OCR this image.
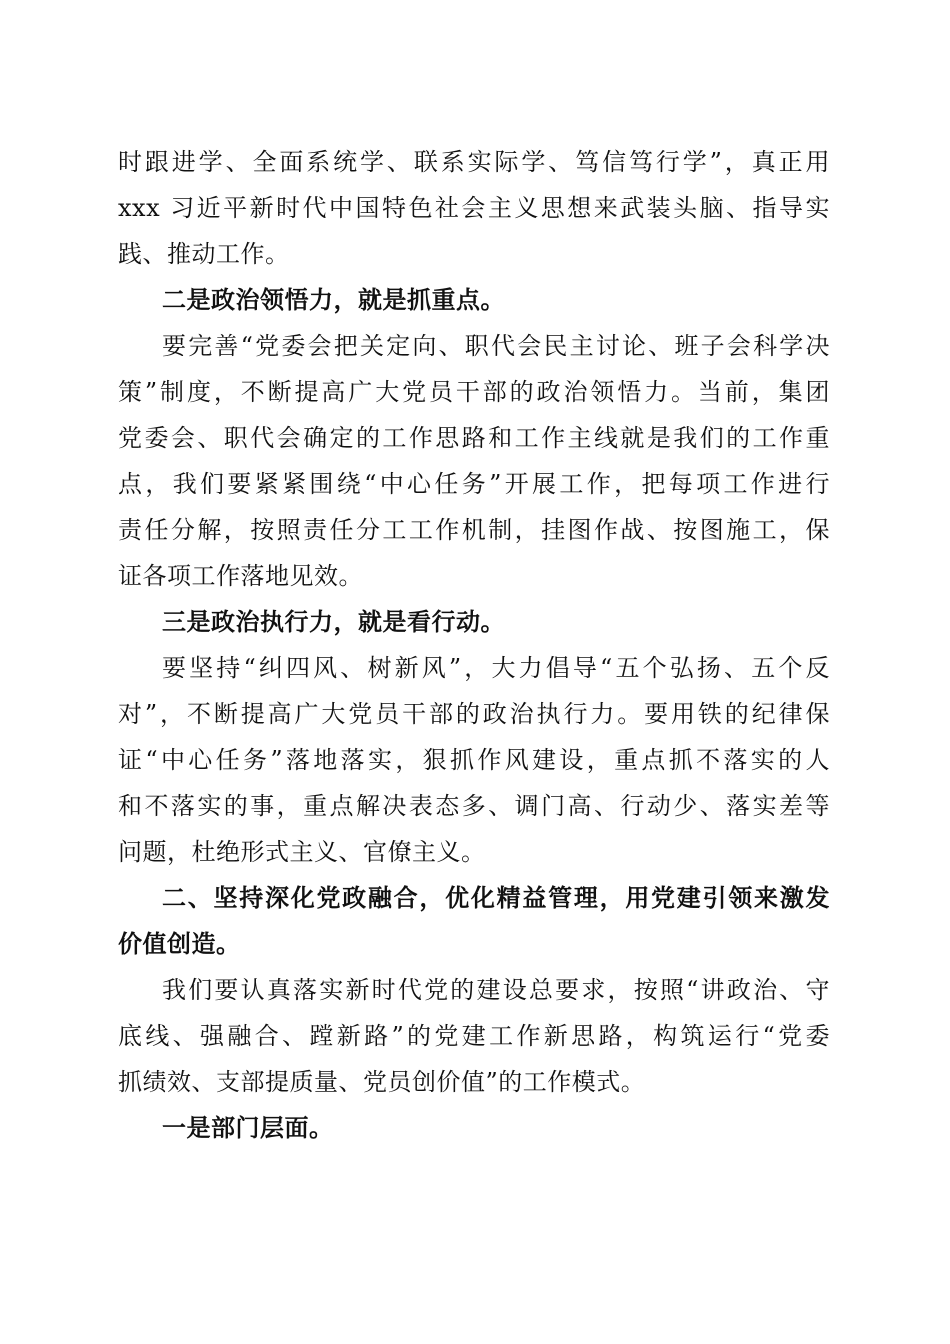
时跟进学、全面系统学、联系实际学、笃信笃行学”，真正用
xxx 习近平新时代中国特色社会主义思想来武装头脑、指导实
践、推动工作。
二是政治领悟力，就是抓重点。
要完善“党委会把关定向、职代会民主讨论、班子会科学决
策”制度，不断提高广大党员干部的政治领悟力。当前，集团
党委会、职代会确定的工作思路和工作主线就是我们的工作重
点，我们要紧紧围绕“中心任务”开展工作，把每项工作进行
责任分解，按照责任分工工作机制，挂图作战、按图施工，保
证各项工作落地见效。
三是政治执行力，就是看行动。
要坚持“纠四风、树新风”，大力倡导“五个弘扬、五个反
对”，不断提高广大党员干部的政治执行力。要用铁的纪律保
证“中心任务”落地落实，狠抓作风建设，重点抓不落实的人
和不落实的事，重点解决表态多、调门高、行动少、落实差等
问题，杜绝形式主义、官僚主义。
二、坚持深化党政融合，优化精益管理，用党建引领来激发
价值创造。
我们要认真落实新时代党的建设总要求，按照“讲政治、守
底线、强融合、蹚新路”的党建工作新思路，构筑运行“党委
抓绩效、支部提质量、党员创价值”的工作模式。
一是部门层面。
